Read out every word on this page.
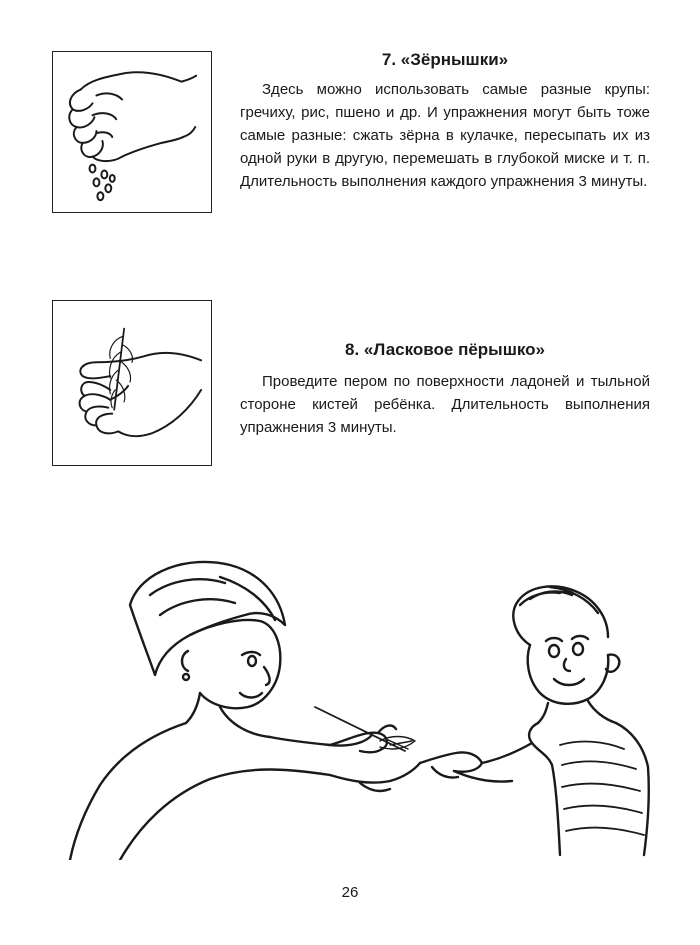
7. «Зёрнышки»

Здесь можно использовать самые разные крупы: гречиху, рис, пшено и др. И упражнения могут быть тоже самые разные: сжать зёрна в кулачке, пересыпать их из одной руки в другую, перемешать в глубокой миске и т. п. Длительность выполнения каждого упражнения 3 минуты.

8. «Ласковое пёрышко»

Проведите пером по поверхности ладоней и тыльной стороне кистей ребёнка. Длительность выполнения упражнения 3 минуты.

26
